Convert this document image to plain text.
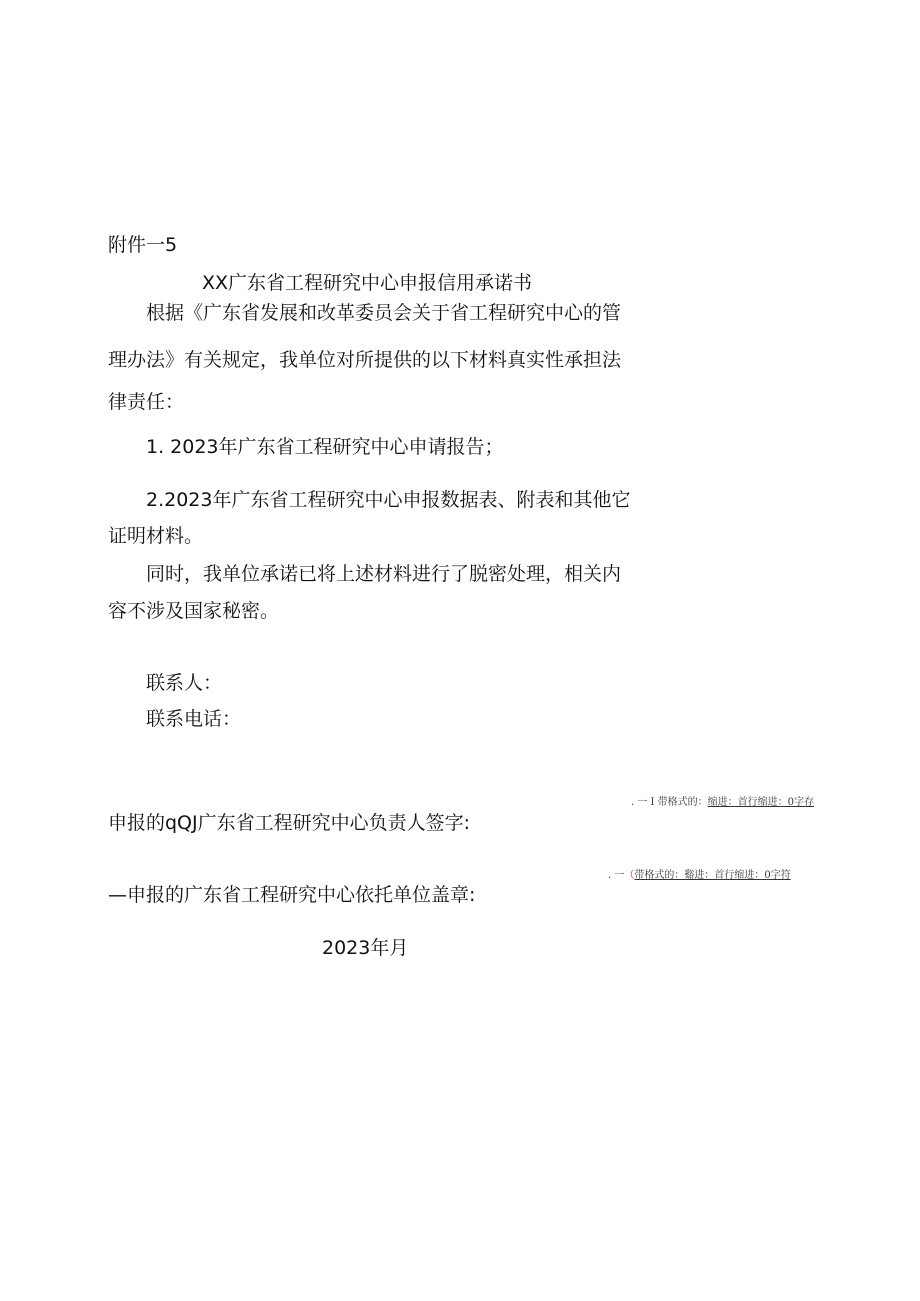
附件一5
XX广东省工程研究中心申报信用承诺书
根据《广东省发展和改革委员会关于省工程研究中心的管
理办法》有关规定，我单位对所提供的以下材料真实性承担法
律责任：
1. 2023年广东省工程研究中心申请报告；
2.2023年广东省工程研究中心申报数据表、附表和其他它
证明材料。
同时，我单位承诺已将上述材料进行了脱密处理，相关内
容不涉及国家秘密。
联系人：
联系电话：
. 一 I 带格式的：缩进：首行缩进：0字存
申报的qQJ广东省工程研究中心负责人签字:
. 一（带格式的：谿进：首行缩进：0字符
—申报的广东省工程研究中心依托单位盖章:
2023年月
